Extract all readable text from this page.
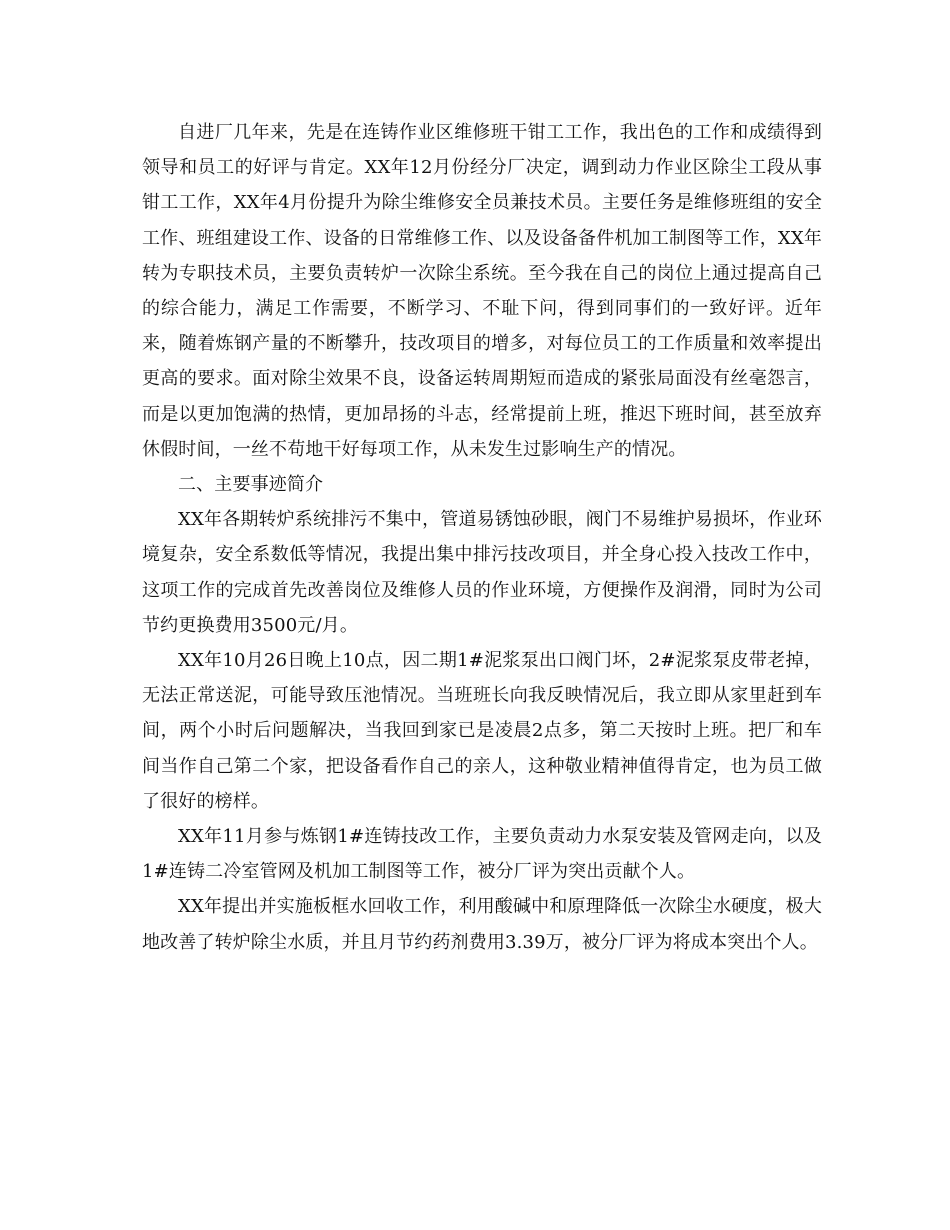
自进厂几年来，先是在连铸作业区维修班干钳工工作，我出色的工作和成绩得到领导和员工的好评与肯定。XX年12月份经分厂决定，调到动力作业区除尘工段从事钳工工作，XX年4月份提升为除尘维修安全员兼技术员。主要任务是维修班组的安全工作、班组建设工作、设备的日常维修工作、以及设备备件机加工制图等工作，XX年转为专职技术员，主要负责转炉一次除尘系统。至今我在自己的岗位上通过提高自己的综合能力，满足工作需要，不断学习、不耻下问，得到同事们的一致好评。近年来，随着炼钢产量的不断攀升，技改项目的增多，对每位员工的工作质量和效率提出更高的要求。面对除尘效果不良，设备运转周期短而造成的紧张局面没有丝毫怨言，而是以更加饱满的热情，更加昂扬的斗志，经常提前上班，推迟下班时间，甚至放弃休假时间，一丝不苟地干好每项工作，从未发生过影响生产的情况。

二、主要事迹简介

XX年各期转炉系统排污不集中，管道易锈蚀砂眼，阀门不易维护易损坏，作业环境复杂，安全系数低等情况，我提出集中排污技改项目，并全身心投入技改工作中，这项工作的完成首先改善岗位及维修人员的作业环境，方便操作及润滑，同时为公司节约更换费用3500元/月。

XX年10月26日晚上10点，因二期1#泥浆泵出口阀门坏，2#泥浆泵皮带老掉，无法正常送泥，可能导致压池情况。当班班长向我反映情况后，我立即从家里赶到车间，两个小时后问题解决，当我回到家已是凌晨2点多，第二天按时上班。把厂和车间当作自己第二个家，把设备看作自己的亲人，这种敬业精神值得肯定，也为员工做了很好的榜样。

XX年11月参与炼钢1#连铸技改工作，主要负责动力水泵安装及管网走向，以及1#连铸二冷室管网及机加工制图等工作，被分厂评为突出贡献个人。

XX年提出并实施板框水回收工作，利用酸碱中和原理降低一次除尘水硬度，极大地改善了转炉除尘水质，并且月节约药剂费用3.39万，被分厂评为将成本突出个人。
